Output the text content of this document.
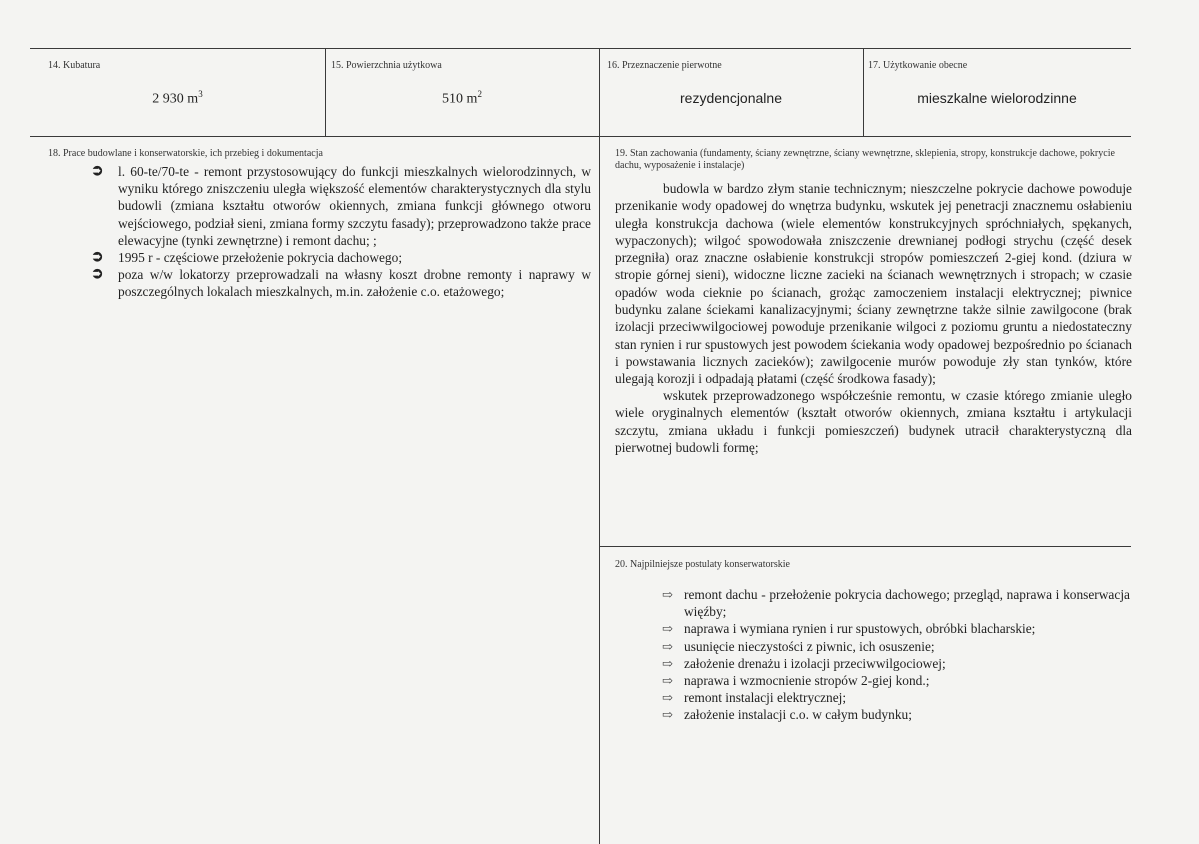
14. Kubatura
2 930 $m^3$
15. Powierzchnia użytkowa
510 $m^2$
16. Przeznaczenie pierwotne
rezydencjonalne
17. Użytkowanie obecne
mieszkalne wielorodzinne
18. Prace budowlane i konserwatorskie, ich przebieg i dokumentacja
➲	l. 60-te/70-te - remont przystosowujący do funkcji mieszkalnych wielorodzinnych, w wyniku którego zniszczeniu uległa większość elementów charakterystycznych dla stylu budowli (zmiana kształtu otworów okiennych, zmiana funkcji głównego otworu wejściowego, podział sieni, zmiana formy szczytu fasady); przeprowadzono także prace elewacyjne (tynki zewnętrzne) i remont dachu; ;
➲	1995 r - częściowe przełożenie pokrycia dachowego;
➲	poza w/w lokatorzy przeprowadzali na własny koszt drobne remonty i naprawy w poszczególnych lokalach mieszkalnych, m.in. założenie c.o. etażowego;
19. Stan zachowania (fundamenty, ściany zewnętrzne, ściany wewnętrzne, sklepienia, stropy, konstrukcje dachowe, pokrycie dachu, wyposażenie i instalacje)

budowla w bardzo złym stanie technicznym; nieszczelne pokrycie dachowe powoduje przenikanie wody opadowej do wnętrza budynku, wskutek jej penetracji znacznemu osłabieniu uległa konstrukcja dachowa (wiele elementów konstrukcyjnych spróchniałych, spękanych, wypaczonych); wilgoć spowodowała zniszczenie drewnianej podłogi strychu (część desek przegniła) oraz znaczne osłabienie konstrukcji stropów pomieszczeń 2-giej kond. (dziura w stropie górnej sieni), widoczne liczne zacieki na ścianach wewnętrznych i stropach; w czasie opadów woda cieknie po ścianach, grożąc zamoczeniem instalacji elektrycznej; piwnice budynku zalane ściekami kanalizacyjnymi; ściany zewnętrzne także silnie zawilgocone (brak izolacji przeciwwilgociowej powoduje przenikanie wilgoci z poziomu gruntu a niedostateczny stan rynien i rur spustowych jest powodem ściekania wody opadowej bezpośrednio po ścianach i powstawania licznych zacieków); zawilgocenie murów powoduje zły stan tynków, które ulegają korozji i odpadają płatami (część środkowa fasady);

wskutek przeprowadzonego współcześnie remontu, w czasie którego zmianie uległo wiele oryginalnych elementów (kształt otworów okiennych, zmiana kształtu i artykulacji szczytu, zmiana układu i funkcji pomieszczeń) budynek utracił charakterystyczną dla pierwotnej budowli formę;

20. Najpilniejsze postulaty konserwatorskie
⇨ remont dachu - przełożenie pokrycia dachowego; przegląd, naprawa i konserwacja więźby;
⇨ naprawa i wymiana rynien i rur spustowych, obróbki blacharskie;
⇨ usunięcie nieczystości z piwnic, ich osuszenie;
⇨ założenie drenażu i izolacji przeciwwilgociowej;
⇨ naprawa i wzmocnienie stropów 2-giej kond.;
⇨ remont instalacji elektrycznej;
⇨ założenie instalacji c.o. w całym budynku;
